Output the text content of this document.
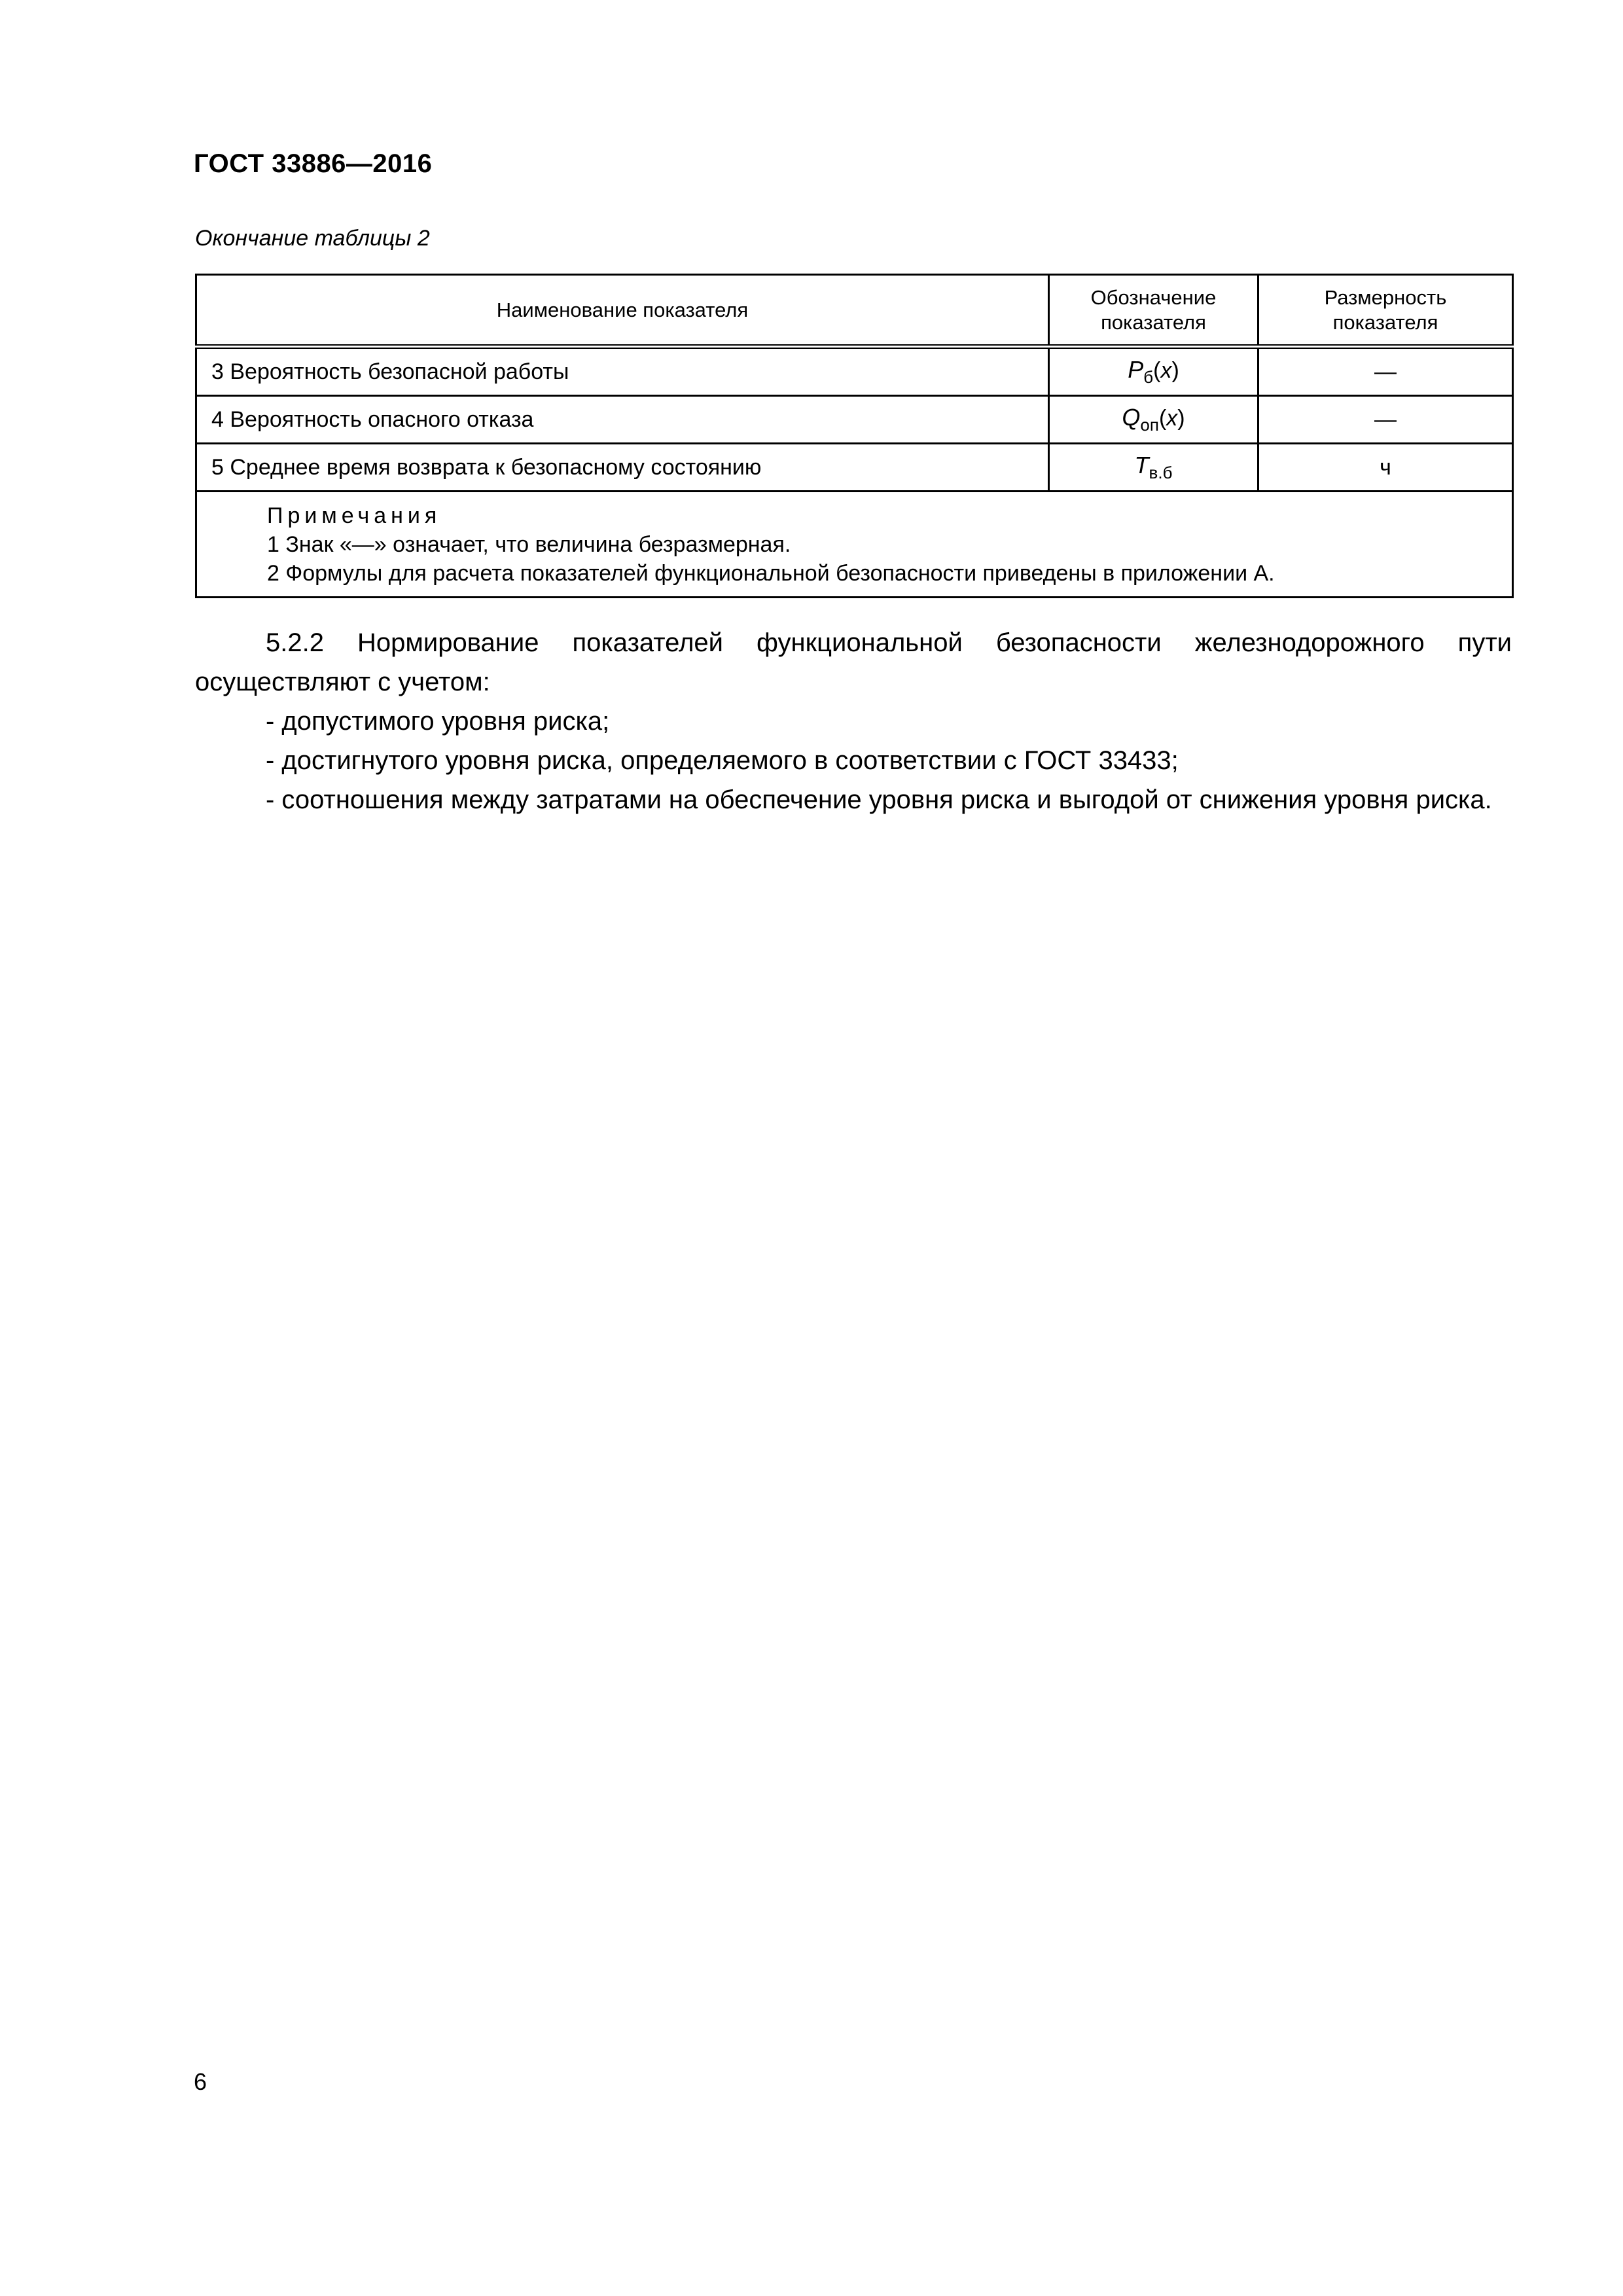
ГОСТ 33886—2016
Окончание таблицы 2
Наименование показателя	Обозначение показателя	Размерность показателя
3 Вероятность безопасной работы	$P_б(x)$	—
4 Вероятность опасного отказа	$Q_{оп}(x)$	—
5 Среднее время возврата к безопасному состоянию	$T_{в.б}$	ч

Примечания
1 Знак «—» означает, что величина безразмерная.
2 Формулы для расчета показателей функциональной безопасности приведены в приложении А.		

5.2.2 Нормирование показателей функциональной безопасности железнодорожного пути осуществляют с учетом:

- допустимого уровня риска;

- достигнутого уровня риска, определяемого в соответствии с ГОСТ 33433;

- соотношения между затратами на обеспечение уровня риска и выгодой от снижения уровня риска.

6
